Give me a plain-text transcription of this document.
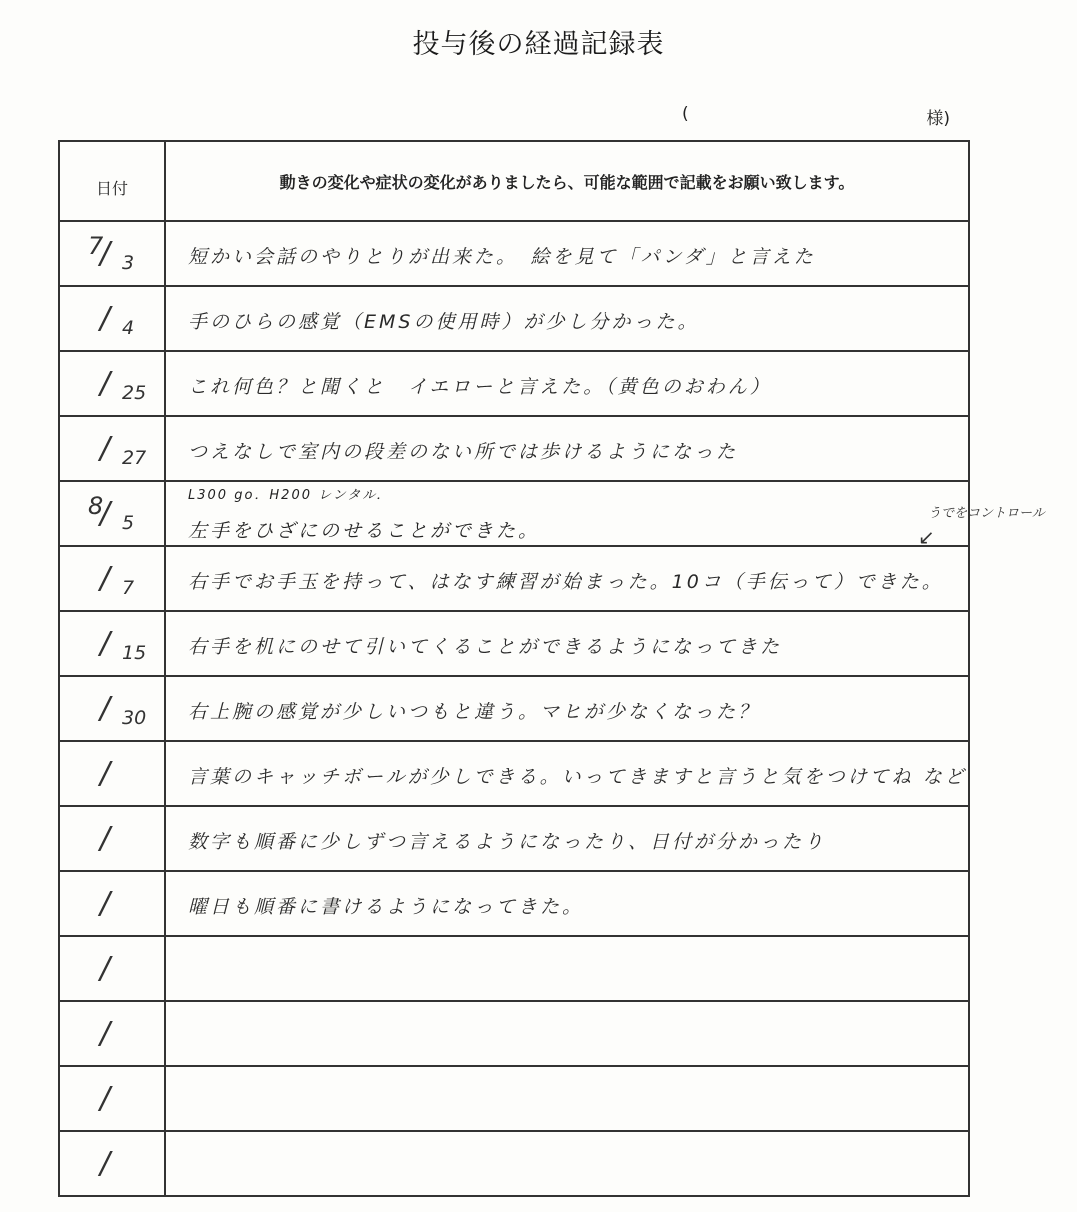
投与後の経過記録表
(	様)
日付	動きの変化や症状の変化がありましたら、可能な範囲で記載をお願い致します。

7
/ 3	短かい会話のやりとりが出来た。　絵を見て「パンダ」と言えた

/ 4	手のひらの感覚（EMSの使用時）が少し分かった。

/ 25	これ何色？と聞くと　イエローと言えた。（黄色のおわん）

/ 27	つえなしで室内の段差のない所では歩けるようになった

8
/ 5	L300 go．H200 レンタル．
左手をひざにのせることができた。

/ 7	右手でお手玉を持って、はなす練習が始まった。10コ（手伝って）できた。

/ 15	右手を机にのせて引いてくることができるようになってきた

/ 30	右上腕の感覚が少しいつもと違う。マヒが少なくなった？

/	言葉のキャッチボールが少しできる。いってきますと言うと気をつけてね など

/	数字も順番に少しずつ言えるようになったり、日付が分かったり

/	曜日も順番に書けるようになってきた。

/	

/	

/	

/	

うでをコントロール
↙
